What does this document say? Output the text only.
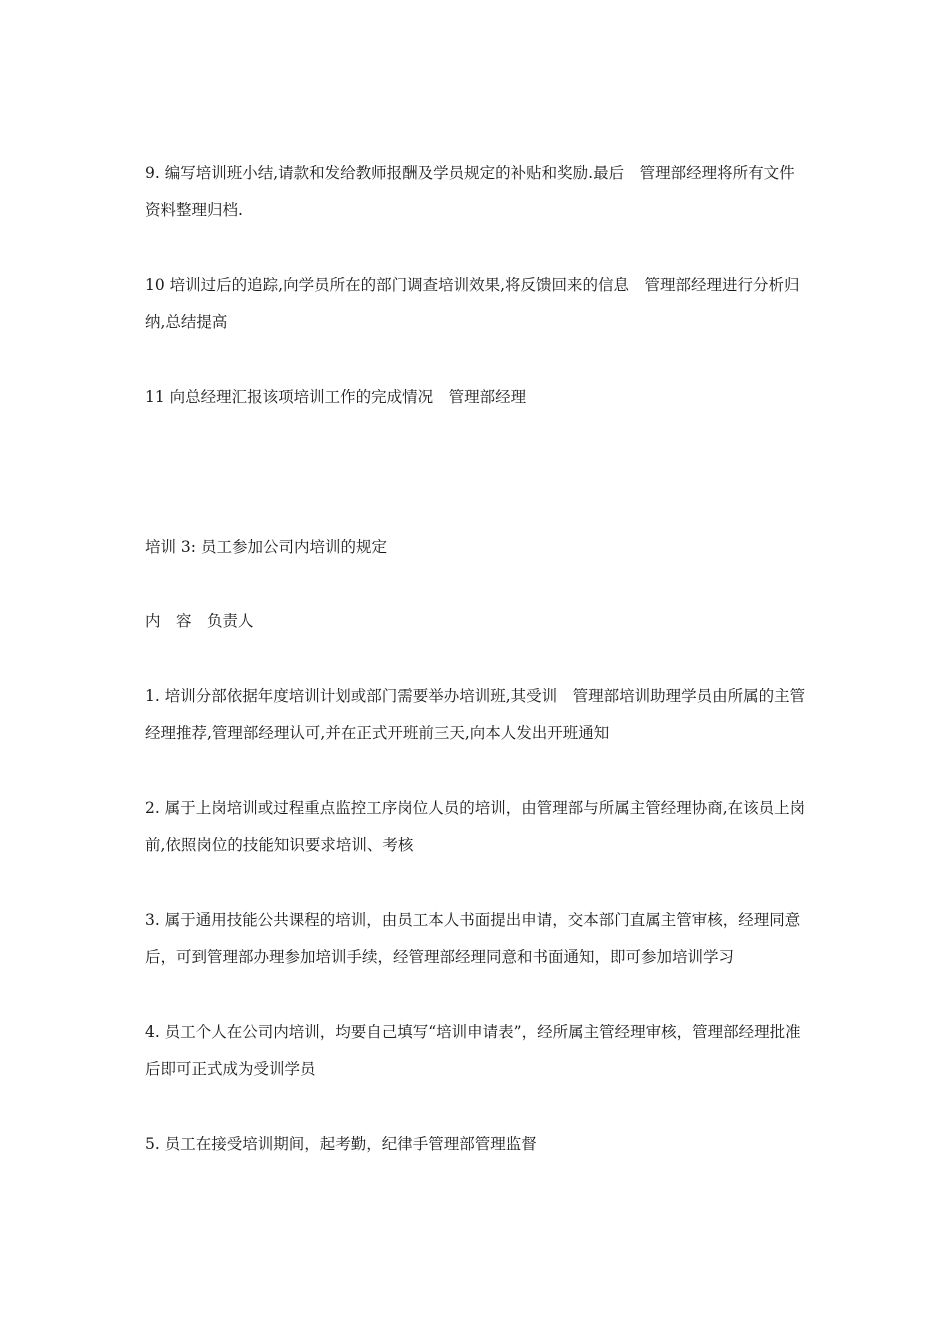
9. 编写培训班小结,请款和发给教师报酬及学员规定的补贴和奖励.最后　管理部经理将所有文件资料整理归档.

10 培训过后的追踪,向学员所在的部门调查培训效果,将反馈回来的信息　管理部经理进行分析归纳,总结提高

11 向总经理汇报该项培训工作的完成情况　管理部经理

培训 3: 员工参加公司内培训的规定

内　容　负责人

1. 培训分部依据年度培训计划或部门需要举办培训班,其受训　管理部培训助理学员由所属的主管经理推荐,管理部经理认可,并在正式开班前三天,向本人发出开班通知

2. 属于上岗培训或过程重点监控工序岗位人员的培训，由管理部与所属主管经理协商,在该员上岗前,依照岗位的技能知识要求培训、考核

3. 属于通用技能公共课程的培训，由员工本人书面提出申请，交本部门直属主管审核，经理同意后，可到管理部办理参加培训手续，经管理部经理同意和书面通知，即可参加培训学习

4. 员工个人在公司内培训，均要自己填写“培训申请表”，经所属主管经理审核，管理部经理批准后即可正式成为受训学员

5. 员工在接受培训期间，起考勤，纪律手管理部管理监督
